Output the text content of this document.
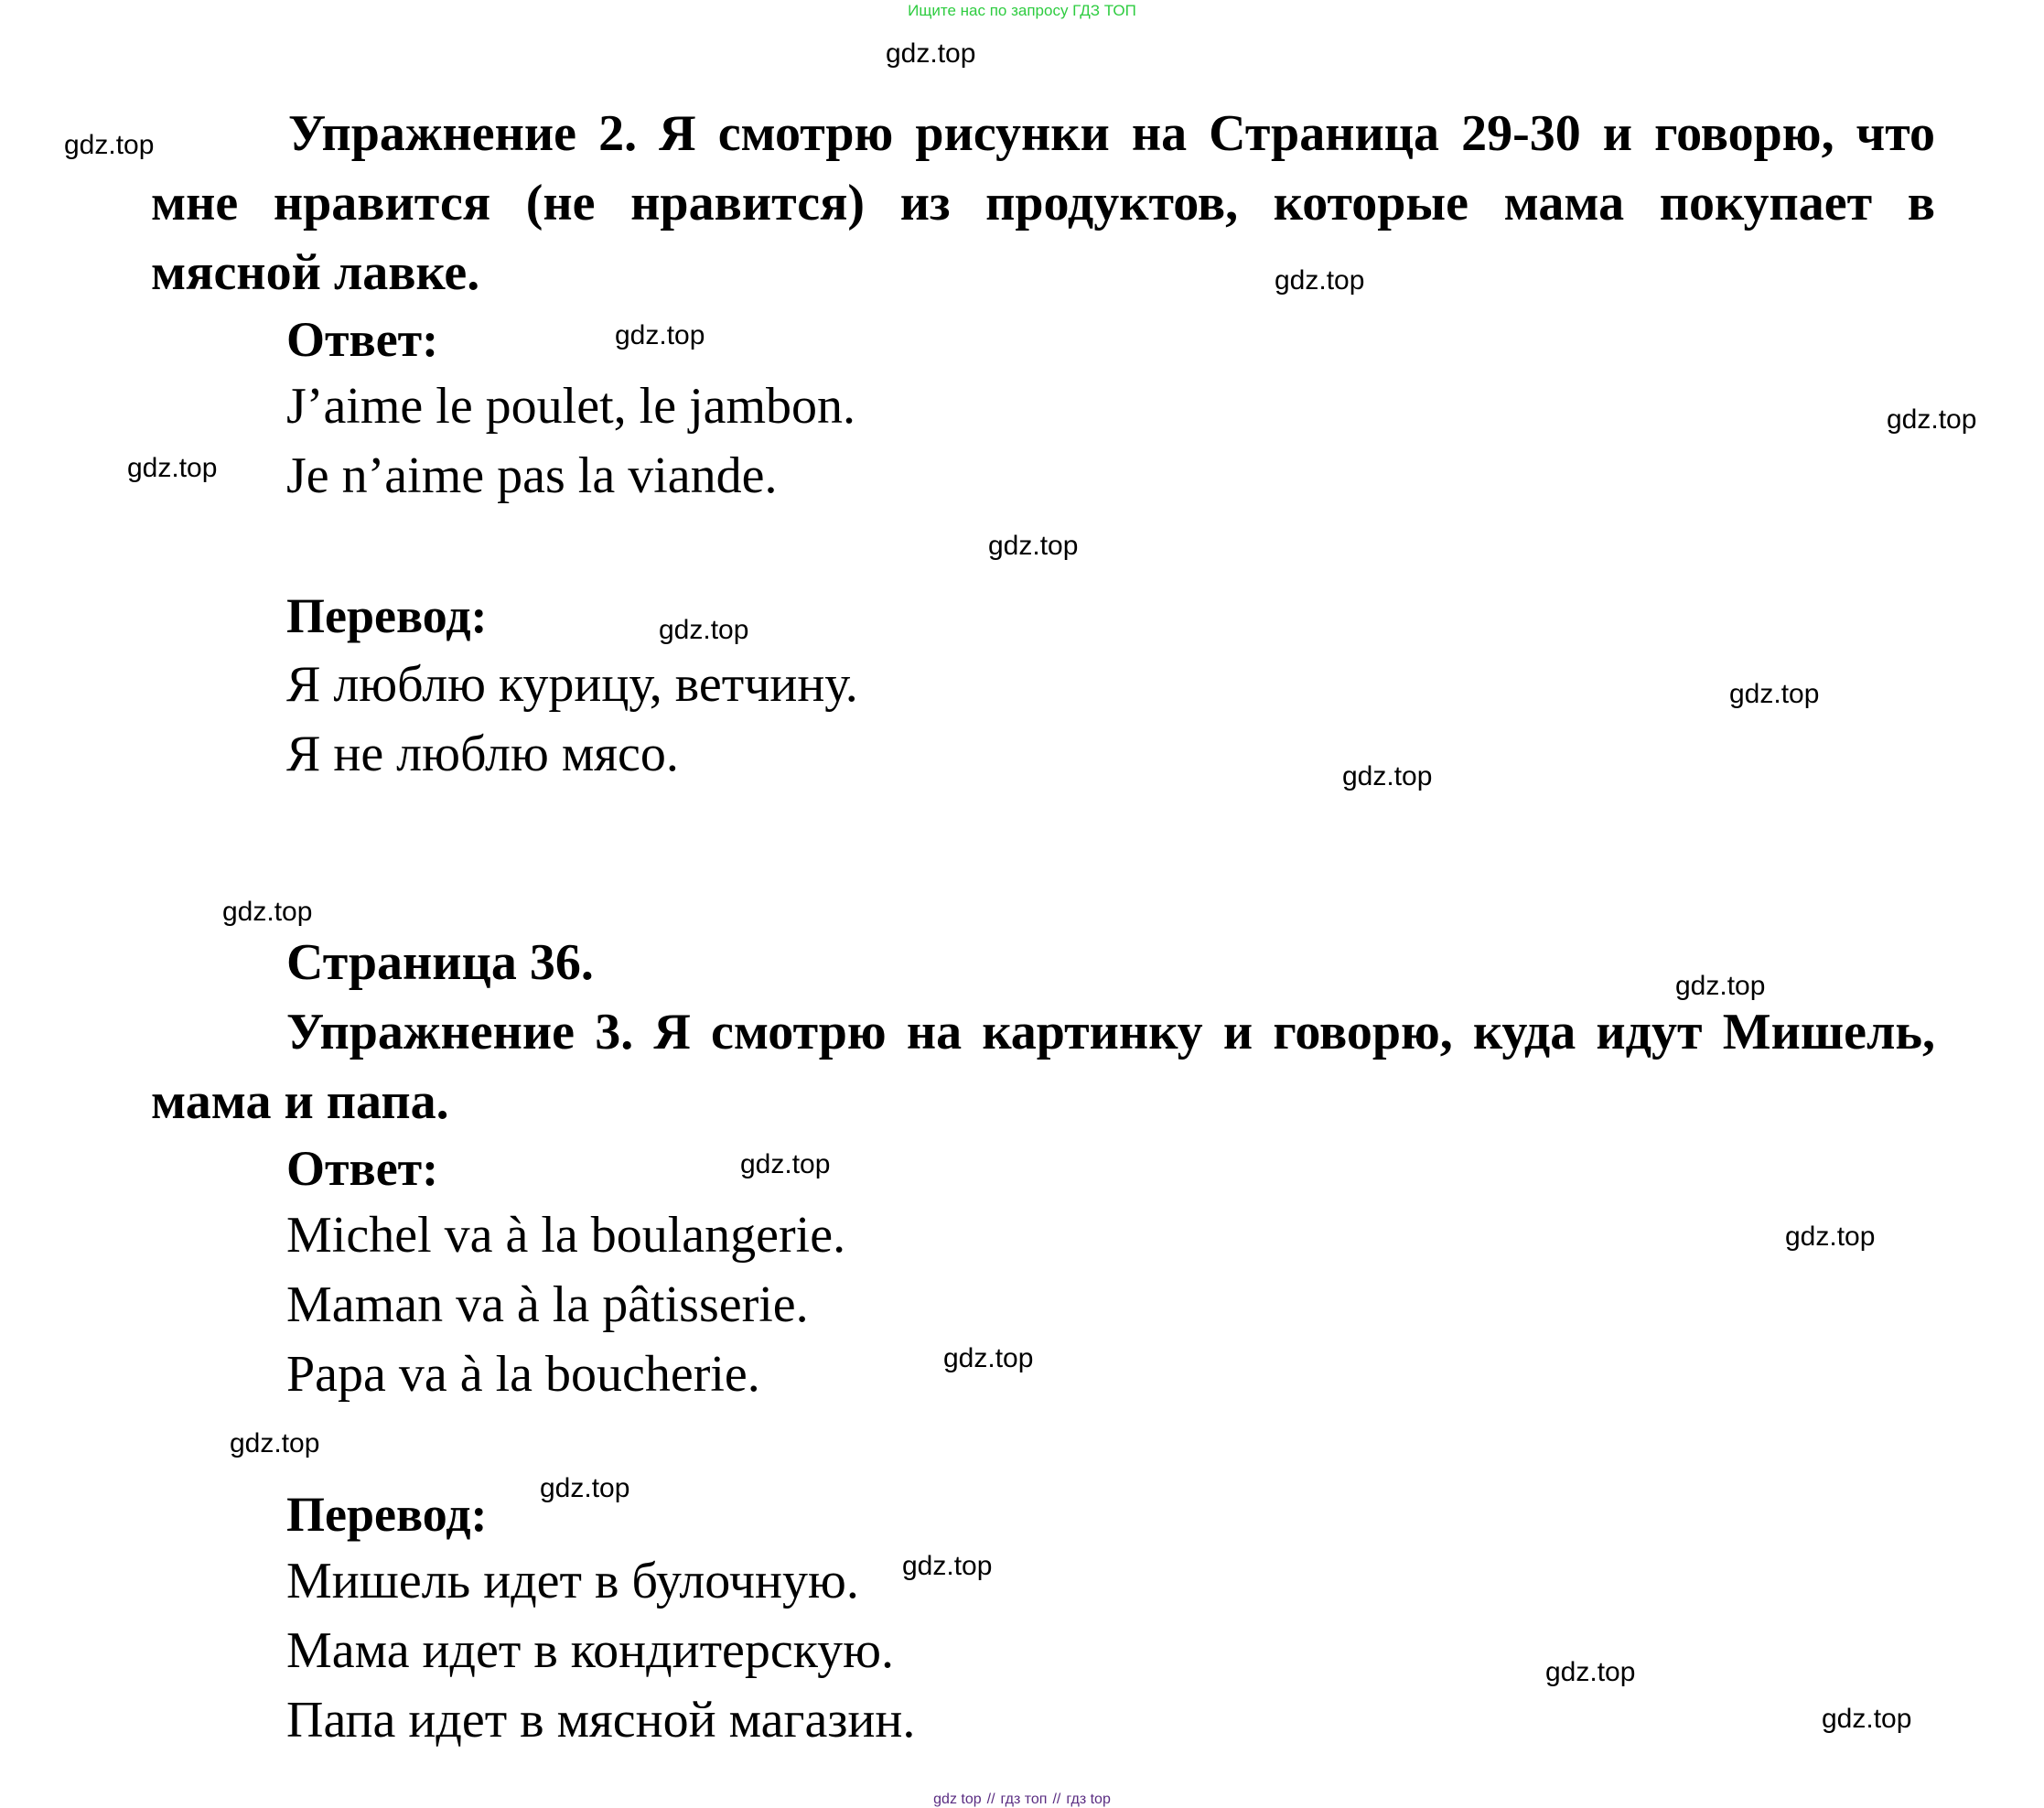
Ищите нас по запросу ГДЗ ТОП
Упражнение 2. Я смотрю рисунки на Страница 29-30 и говорю, что
мне нравится (не нравится) из продуктов, которые мама покупает в
мясной лавке.
Ответ:
J’aime le poulet, le jambon.
Je n’aime pas la viande.
Перевод:
Я люблю курицу, ветчину.
Я не люблю мясо.
Страница 36.
Упражнение 3. Я смотрю на картинку и говорю, куда идут Мишель,
мама и папа.
Ответ:
Michel va à la boulangerie.
Maman va à la pâtisserie.
Papa va à la boucherie.
Перевод:
Мишель идет в булочную.
Мама идет в кондитерскую.
Папа идет в мясной магазин.
gdz.top
gdz.top
gdz.top
gdz.top
gdz.top
gdz.top
gdz.top
gdz.top
gdz.top
gdz.top
gdz.top
gdz.top
gdz.top
gdz.top
gdz.top
gdz.top
gdz.top
gdz.top
gdz.top
gdz.top
gdz top // гдз топ // гдз top
